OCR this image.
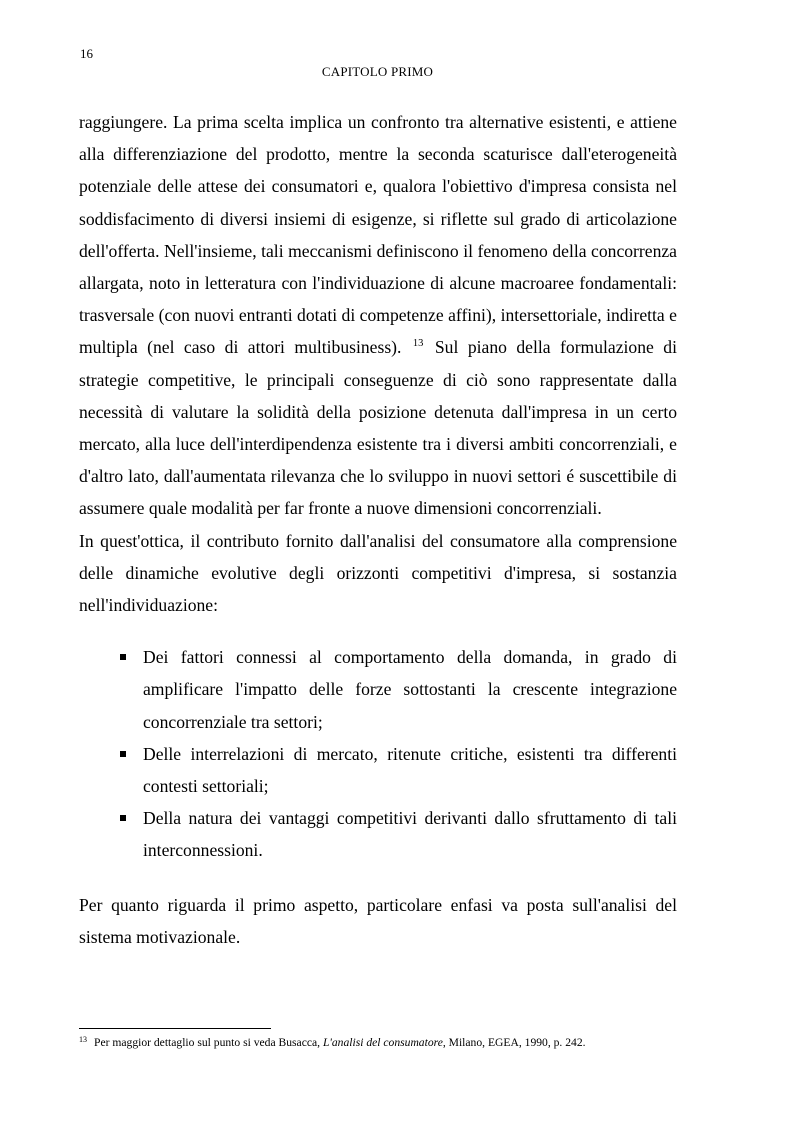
16
CAPITOLO PRIMO

raggiungere. La prima scelta implica un confronto tra alternative esistenti, e attiene alla differenziazione del prodotto, mentre la seconda scaturisce dall'eterogeneità potenziale delle attese dei consumatori e, qualora l'obiettivo d'impresa consista nel soddisfacimento di diversi insiemi di esigenze, si riflette sul grado di articolazione dell'offerta. Nell'insieme, tali meccanismi definiscono il fenomeno della concorrenza allargata, noto in letteratura con l'individuazione di alcune macroaree fondamentali: trasversale (con nuovi entranti dotati di competenze affini), intersettoriale, indiretta e multipla (nel caso di attori multibusiness). $^{13}$ Sul piano della formulazione di strategie competitive, le principali conseguenze di ciò sono rappresentate dalla necessità di valutare la solidità della posizione detenuta dall'impresa in un certo mercato, alla luce dell'interdipendenza esistente tra i diversi ambiti concorrenziali, e d'altro lato, dall'aumentata rilevanza che lo sviluppo in nuovi settori é suscettibile di assumere quale modalità per far fronte a nuove dimensioni concorrenziali.

In quest'ottica, il contributo fornito dall'analisi del consumatore alla comprensione delle dinamiche evolutive degli orizzonti competitivi d'impresa, si sostanzia nell'individuazione:

Dei fattori connessi al comportamento della domanda, in grado di amplificare l'impatto delle forze sottostanti la crescente integrazione concorrenziale tra settori;
Delle interrelazioni di mercato, ritenute critiche, esistenti tra differenti contesti settoriali;
Della natura dei vantaggi competitivi derivanti dallo sfruttamento di tali interconnessioni.

Per quanto riguarda il primo aspetto, particolare enfasi va posta sull'analisi del sistema motivazionale.

$^{13}$ Per maggior dettaglio sul punto si veda Busacca, L'analisi del consumatore, Milano, EGEA, 1990, p. 242.
